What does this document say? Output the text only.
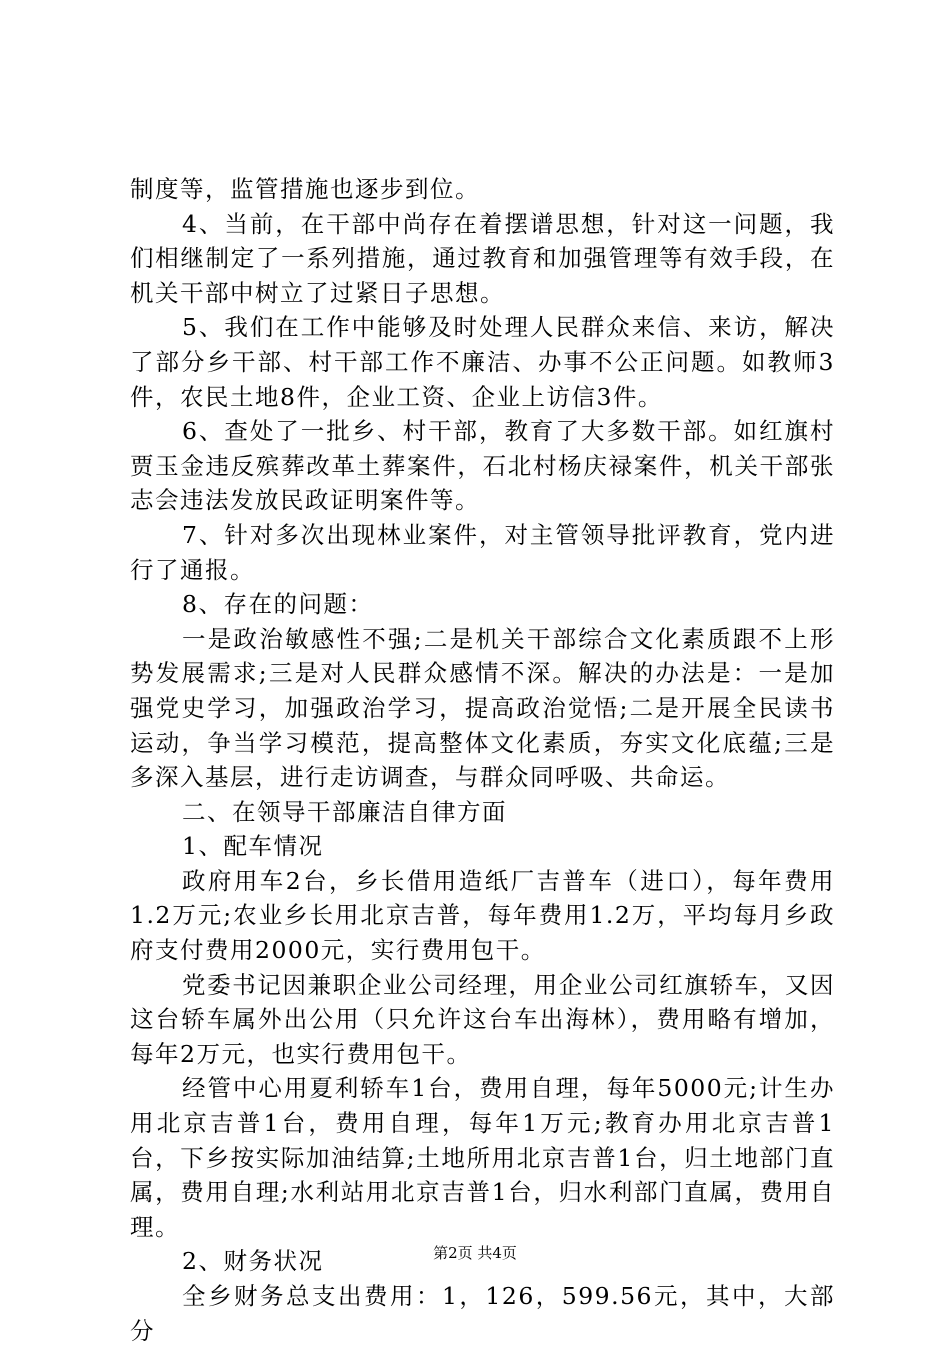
制度等，监管措施也逐步到位。

4、当前，在干部中尚存在着摆谱思想，针对这一问题，我们相继制定了一系列措施，通过教育和加强管理等有效手段，在机关干部中树立了过紧日子思想。

5、我们在工作中能够及时处理人民群众来信、来访，解决了部分乡干部、村干部工作不廉洁、办事不公正问题。如教师3件，农民土地8件，企业工资、企业上访信3件。

6、查处了一批乡、村干部，教育了大多数干部。如红旗村贾玉金违反殡葬改革土葬案件，石北村杨庆禄案件，机关干部张志会违法发放民政证明案件等。

7、针对多次出现林业案件，对主管领导批评教育，党内进行了通报。

8、存在的问题：

一是政治敏感性不强;二是机关干部综合文化素质跟不上形势发展需求;三是对人民群众感情不深。解决的办法是：一是加强党史学习，加强政治学习，提高政治觉悟;二是开展全民读书运动，争当学习模范，提高整体文化素质，夯实文化底蕴;三是多深入基层，进行走访调查，与群众同呼吸、共命运。

二、在领导干部廉洁自律方面

1、配车情况

政府用车2台，乡长借用造纸厂吉普车（进口），每年费用1.2万元;农业乡长用北京吉普，每年费用1.2万，平均每月乡政府支付费用2000元，实行费用包干。

党委书记因兼职企业公司经理，用企业公司红旗轿车，又因这台轿车属外出公用（只允许这台车出海林），费用略有增加，每年2万元，也实行费用包干。

经管中心用夏利轿车1台，费用自理，每年5000元;计生办用北京吉普1台，费用自理，每年1万元;教育办用北京吉普1台，下乡按实际加油结算;土地所用北京吉普1台，归土地部门直属，费用自理;水利站用北京吉普1台，归水利部门直属，费用自理。

2、财务状况

全乡财务总支出费用：1，126，599.56元，其中，大部分

第2页 共4页
